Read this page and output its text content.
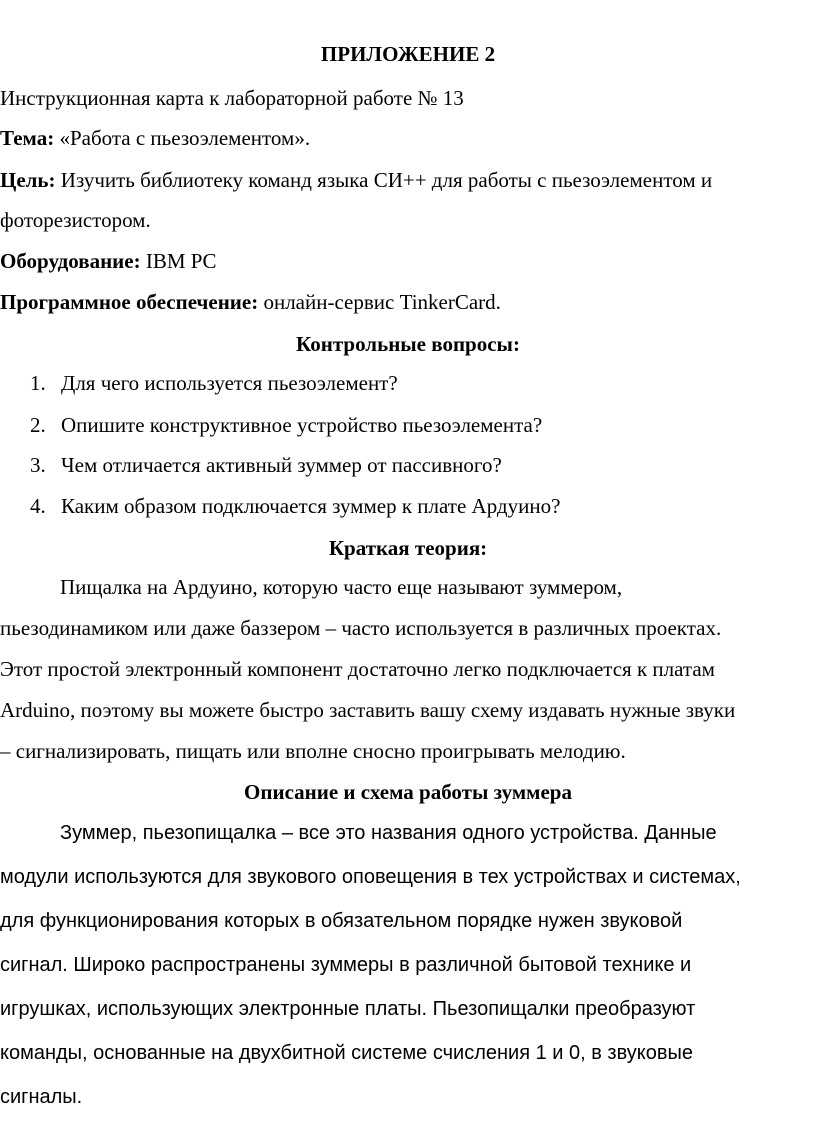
ПРИЛОЖЕНИЕ 2
Инструкционная карта к лабораторной работе № 13
Тема: «Работа с пьезоэлементом».
Цель: Изучить библиотеку команд языка СИ++ для работы с пьезоэлементом и
фоторезистором.
Оборудование: IBM PC
Программное обеспечение: онлайн-сервис TinkerCard.
Контрольные вопросы:
1. Для чего используется пьезоэлемент?
2. Опишите конструктивное устройство пьезоэлемента?
3. Чем отличается активный зуммер от пассивного?
4. Каким образом подключается зуммер к плате Ардуино?
Краткая теория:
Пищалка на Ардуино, которую часто еще называют зуммером,
пьезодинамиком или даже баззером – часто используется в различных проектах.
Этот простой электронный компонент достаточно легко подключается к платам
Arduino, поэтому вы можете быстро заставить вашу схему издавать нужные звуки
– сигнализировать, пищать или вполне сносно проигрывать мелодию.
Описание и схема работы зуммера
Зуммер, пьезопищалка – все это названия одного устройства. Данные
модули используются для звукового оповещения в тех устройствах и системах,
для функционирования которых в обязательном порядке нужен звуковой
сигнал. Широко распространены зуммеры в различной бытовой технике и
игрушках, использующих электронные платы. Пьезопищалки преобразуют
команды, основанные на двухбитной системе счисления 1 и 0, в звуковые
сигналы.
